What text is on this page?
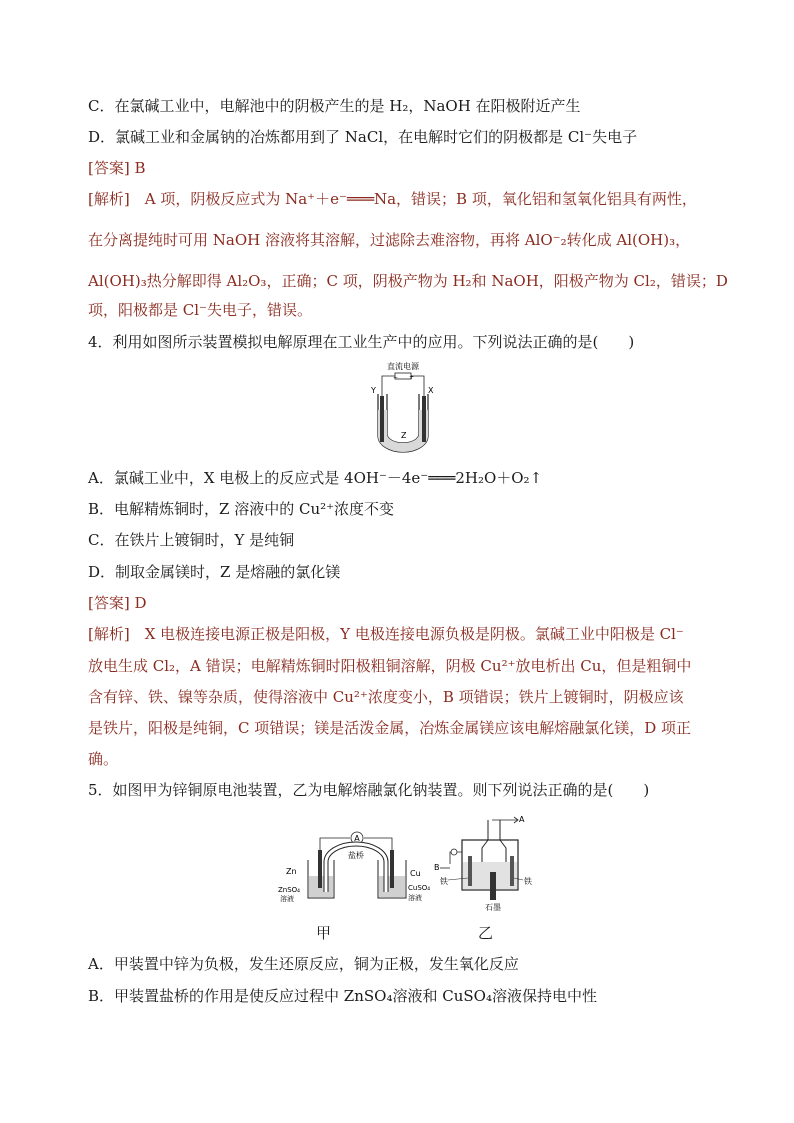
C．在氯碱工业中，电解池中的阴极产生的是 H₂，NaOH 在阳极附近产生
D．氯碱工业和金属钠的冶炼都用到了 NaCl，在电解时它们的阴极都是 Cl⁻失电子
[答案] B
[解析]　 A 项，阴极反应式为 Na⁺＋e⁻═══Na，错误；B 项，氧化铝和氢氧化铝具有两性，
在分离提纯时可用 NaOH 溶液将其溶解，过滤除去难溶物，再将 AlO⁻₂转化成 Al(OH)₃，
Al(OH)₃热分解即得 Al₂O₃，正确；C 项，阴极产物为 H₂和 NaOH，阳极产物为 Cl₂，错误；D
项，阳极都是 Cl⁻失电子，错误。
4．利用如图所示装置模拟电解原理在工业生产中的应用。下列说法正确的是(　　)
直流电源
− +
Y	X
Z
A．氯碱工业中，X 电极上的反应式是 4OH⁻－4e⁻═══2H₂O＋O₂↑
B．电解精炼铜时，Z 溶液中的 Cu²⁺浓度不变
C．在铁片上镀铜时，Y 是纯铜
D．制取金属镁时，Z 是熔融的氯化镁
[答案] D
[解析]　 X 电极连接电源正极是阳极，Y 电极连接电源负极是阴极。氯碱工业中阳极是 Cl⁻
放电生成 Cl₂，A 错误；电解精炼铜时阳极粗铜溶解，阴极 Cu²⁺放电析出 Cu，但是粗铜中
含有锌、铁、镍等杂质，使得溶液中 Cu²⁺浓度变小，B 项错误；铁片上镀铜时，阴极应该
是铁片，阳极是纯铜，C 项错误；镁是活泼金属，冶炼金属镁应该电解熔融氯化镁，D 项正
确。
5．如图甲为锌铜原电池装置，乙为电解熔融氯化钠装置。则下列说法正确的是(　　)
A
盐桥
Zn	Cu
ZnSO₄
溶液
CuSO₄
溶液
A
B
铁	铁
石墨
甲	乙
A．甲装置中锌为负极，发生还原反应，铜为正极，发生氧化反应
B．甲装置盐桥的作用是使反应过程中 ZnSO₄溶液和 CuSO₄溶液保持电中性
